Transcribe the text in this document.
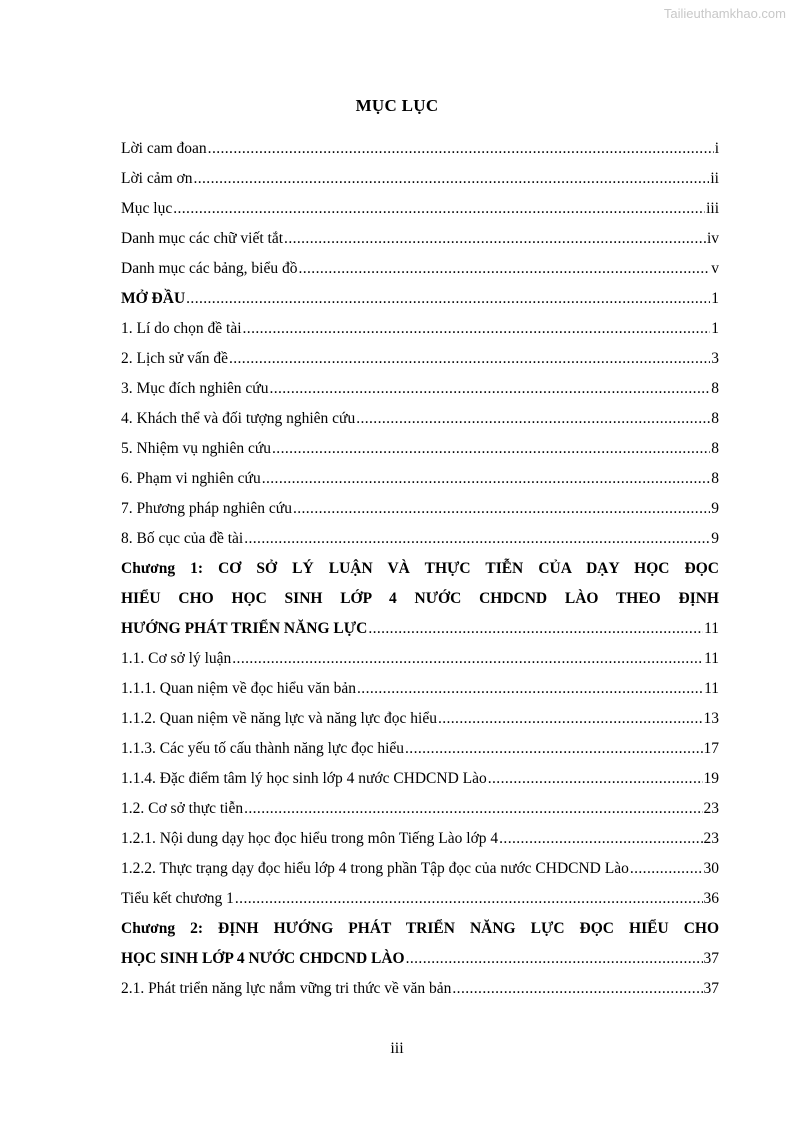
Tailieuthamkhao.com
MỤC LỤC
Lời cam đoan .....	i
Lời cảm ơn .....	ii
Mục lục .....	iii
Danh mục các chữ viết tắt .....	iv
Danh mục các bảng, biểu đồ .....	v
MỞ ĐẦU .....	1
1. Lí do chọn đề tài .....	1
2. Lịch sử vấn đề .....	3
3. Mục đích nghiên cứu .....	8
4. Khách thể và đối tượng nghiên cứu .....	8
5. Nhiệm vụ nghiên cứu .....	8
6. Phạm vi nghiên cứu .....	8
7. Phương pháp nghiên cứu .....	9
8. Bố cục của đề tài .....	9
Chương 1: CƠ SỞ LÝ LUẬN VÀ THỰC TIỄN CỦA DẠY HỌC ĐỌC
HIỂU CHO HỌC SINH LỚP 4 NƯỚC CHDCND LÀO THEO ĐỊNH
HƯỚNG PHÁT TRIỂN NĂNG LỰC .....	11
1.1. Cơ sở lý luận .....	11
1.1.1. Quan niệm về đọc hiểu văn bản .....	11
1.1.2. Quan niệm về năng lực và năng lực đọc hiểu .....	13
1.1.3. Các yếu tố cấu thành năng lực đọc hiểu .....	17
1.1.4. Đặc điểm tâm lý học sinh lớp 4 nước CHDCND Lào .....	19
1.2. Cơ sở thực tiễn .....	23
1.2.1. Nội dung dạy học đọc hiểu trong môn Tiếng Lào lớp 4 .....	23
1.2.2. Thực trạng dạy đọc hiểu lớp 4 trong phần Tập đọc của nước CHDCND Lào .....	30
Tiểu kết chương 1 .....	36
Chương 2: ĐỊNH HƯỚNG PHÁT TRIỂN NĂNG LỰC ĐỌC HIỂU CHO
HỌC SINH LỚP 4 NƯỚC CHDCND LÀO .....	37
2.1. Phát triển năng lực nắm vững tri thức về văn bản .....	37
iii
